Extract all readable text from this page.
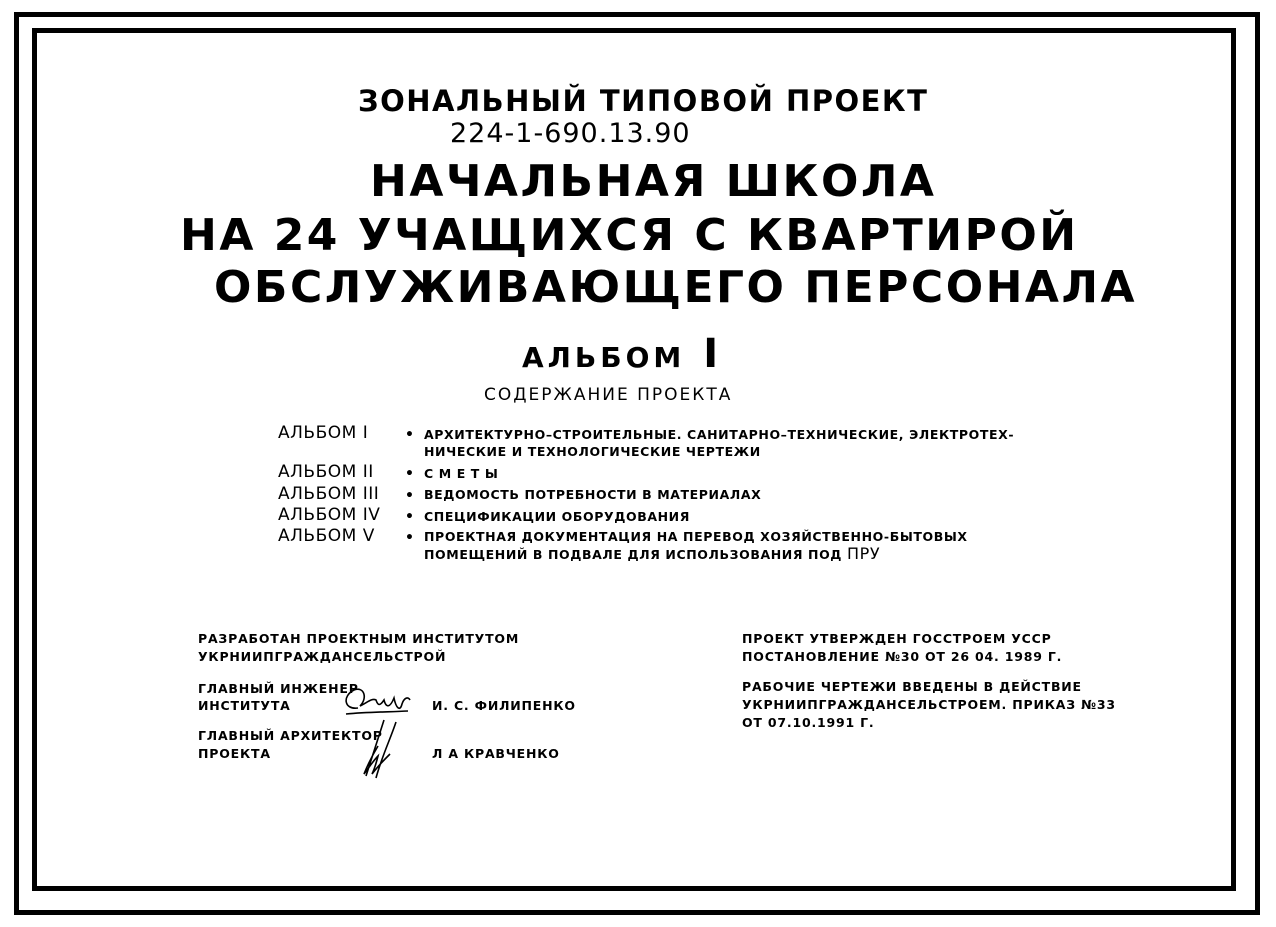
ЗОНАЛЬНЫЙ ТИПОВОЙ ПРОЕКТ
224-1-690.13.90
НАЧАЛЬНАЯ ШКОЛА
НА 24 УЧАЩИХСЯ С КВАРТИРОЙ
ОБСЛУЖИВАЮЩЕГО ПЕРСОНАЛА
АЛЬБОМ I
СОДЕРЖАНИЕ ПРОЕКТА
АЛЬБОМ I	• АРХИТЕКТУРНО–СТРОИТЕЛЬНЫЕ. САНИТАРНО–ТЕХНИЧЕСКИЕ, ЭЛЕКТРОТЕХ-
НИЧЕСКИЕ И ТЕХНОЛОГИЧЕСКИЕ ЧЕРТЕЖИ
АЛЬБОМ II • С М Е Т Ы
АЛЬБОМ III • ВЕДОМОСТЬ ПОТРЕБНОСТИ В МАТЕРИАЛАХ
АЛЬБОМ IV • СПЕЦИФИКАЦИИ ОБОРУДОВАНИЯ
АЛЬБОМ V • ПРОЕКТНАЯ ДОКУМЕНТАЦИЯ НА ПЕРЕВОД ХОЗЯЙСТВЕННО-БЫТОВЫХ
ПОМЕЩЕНИЙ В ПОДВАЛЕ ДЛЯ ИСПОЛЬЗОВАНИЯ ПОД ПРУ
РАЗРАБОТАН ПРОЕКТНЫМ ИНСТИТУТОМ
УКРНИИПГРАЖДАНСЕЛЬСТРОЙ
ГЛАВНЫЙ ИНЖЕНЕР
ИНСТИТУТА	И. С. ФИЛИПЕНКО
ГЛАВНЫЙ АРХИТЕКТОР
ПРОЕКТА	Л А КРАВЧЕНКО
ПРОЕКТ УТВЕРЖДЕН ГОССТРОЕМ УССР
ПОСТАНОВЛЕНИЕ №30 ОТ 26 04. 1989 Г.
РАБОЧИЕ ЧЕРТЕЖИ ВВЕДЕНЫ В ДЕЙСТВИЕ
УКРНИИПГРАЖДАНСЕЛЬСТРОЕМ. ПРИКАЗ №33
ОТ 07.10.1991 Г.
